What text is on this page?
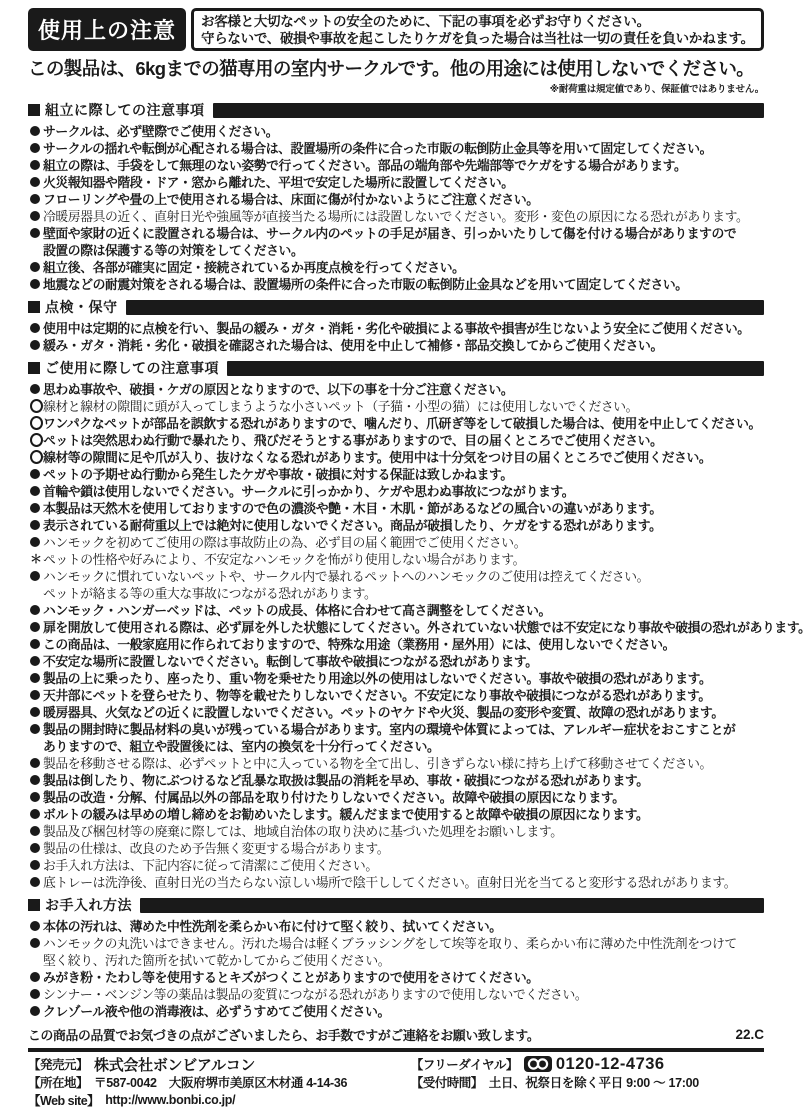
使用上の注意	お客様と大切なペットの安全のために、下記の事項を必ずお守りください。
守らないで、破損や事故を起こしたりケガを負った場合は当社は一切の責任を負いかねます。
この製品は、6kgまでの猫専用の室内サークルです。他の用途には使用しないでください。
※耐荷重は規定値であり、保証値ではありません。
組立に際しての注意事項
サークルは、必ず壁際でご使用ください。
サークルの揺れや転倒が心配される場合は、設置場所の条件に合った市販の転倒防止金具等を用いて固定してください。
組立の際は、手袋をして無理のない姿勢で行ってください。部品の端角部や先端部等でケガをする場合があります。
火災報知器や階段・ドア・窓から離れた、平坦で安定した場所に設置してください。
フローリングや畳の上で使用される場合は、床面に傷が付かないようにご注意ください。
冷暖房器具の近く、直射日光や強風等が直接当たる場所には設置しないでください。変形・変色の原因になる恐れがあります。
壁面や家財の近くに設置される場合は、サークル内のペットの手足が届き、引っかいたりして傷を付ける場合がありますので
設置の際は保護する等の対策をしてください。
組立後、各部が確実に固定・接続されているか再度点検を行ってください。
地震などの耐震対策をされる場合は、設置場所の条件に合った市販の転倒防止金具などを用いて固定してください。
点検・保守
使用中は定期的に点検を行い、製品の緩み・ガタ・消耗・劣化や破損による事故や損害が生じないよう安全にご使用ください。
緩み・ガタ・消耗・劣化・破損を確認された場合は、使用を中止して補修・部品交換してからご使用ください。
ご使用に際しての注意事項
思わぬ事故や、破損・ケガの原因となりますので、以下の事を十分ご注意ください。
線材と線材の隙間に頭が入ってしまうような小さいペット（子猫・小型の猫）には使用しないでください。
ワンパクなペットが部品を誤飲する恐れがありますので、噛んだり、爪研ぎ等をして破損した場合は、使用を中止してください。
ペットは突然思わぬ行動で暴れたり、飛びだそうとする事がありますので、目の届くところでご使用ください。
線材等の隙間に足や爪が入り、抜けなくなる恐れがあります。使用中は十分気をつけ目の届くところでご使用ください。
ペットの予期せぬ行動から発生したケガや事故・破損に対する保証は致しかねます。
首輪や鎖は使用しないでください。サークルに引っかかり、ケガや思わぬ事故につながります。
本製品は天然木を使用しておりますので色の濃淡や艶・木目・木肌・節があるなどの風合いの違いがあります。
表示されている耐荷重以上では絶対に使用しないでください。商品が破損したり、ケガをする恐れがあります。
ハンモックを初めてご使用の際は事故防止の為、必ず目の届く範囲でご使用ください。
＊ ペットの性格や好みにより、不安定なハンモックを怖がり使用しない場合があります。
ハンモックに慣れていないペットや、サークル内で暴れるペットへのハンモックのご使用は控えてください。
ペットが絡まる等の重大な事故につながる恐れがあります。
ハンモック・ハンガーベッドは、ペットの成長、体格に合わせて高さ調整をしてください。
扉を開放して使用される際は、必ず扉を外した状態にしてください。外されていない状態では不安定になり事故や破損の恐れがあります。
この商品は、一般家庭用に作られておりますので、特殊な用途（業務用・屋外用）には、使用しないでください。
不安定な場所に設置しないでください。転倒して事故や破損につながる恐れがあります。
製品の上に乗ったり、座ったり、重い物を乗せたり用途以外の使用はしないでください。事故や破損の恐れがあります。
天井部にペットを登らせたり、物等を載せたりしないでください。不安定になり事故や破損につながる恐れがあります。
暖房器具、火気などの近くに設置しないでください。ペットのヤケドや火災、製品の変形や変質、故障の恐れがあります。
製品の開封時に製品材料の臭いが残っている場合があります。室内の環境や体質によっては、アレルギー症状をおこすことが
ありますので、組立や設置後には、室内の換気を十分行ってください。
製品を移動させる際は、必ずペットと中に入っている物を全て出し、引きずらない様に持ち上げて移動させてください。
製品は倒したり、物にぶつけるなど乱暴な取扱は製品の消耗を早め、事故・破損につながる恐れがあります。
製品の改造・分解、付属品以外の部品を取り付けたりしないでください。故障や破損の原因になります。
ボルトの緩みは早めの増し締めをお勧めいたします。緩んだままで使用すると故障や破損の原因になります。
製品及び梱包材等の廃棄に際しては、地域自治体の取り決めに基づいた処理をお願いします。
製品の仕様は、改良のため予告無く変更する場合があります。
お手入れ方法は、下記内容に従って清潔にご使用ください。
底トレーは洗浄後、直射日光の当たらない涼しい場所で陰干ししてください。直射日光を当てると変形する恐れがあります。
お手入れ方法
本体の汚れは、薄めた中性洗剤を柔らかい布に付けて堅く絞り、拭いてください。
ハンモックの丸洗いはできません。汚れた場合は軽くブラッシングをして埃等を取り、柔らかい布に薄めた中性洗剤をつけて
堅く絞り、汚れた箇所を拭いて乾かしてからご使用ください。
みがき粉・たわし等を使用するとキズがつくことがありますので使用をさけてください。
シンナー・ベンジン等の薬品は製品の変質につながる恐れがありますので使用しないでください。
クレゾール液や他の消毒液は、必ずうすめてご使用ください。
この商品の品質でお気づきの点がございましたら、お手数ですがご連絡をお願い致します。	22.C
【発売元】 株式会社ボンビアルコン
【所在地】 〒587-0042　大阪府堺市美原区木材通 4-14-36
【Web site】 http://www.bonbi.co.jp/
【フリーダイヤル】 0120-12-4736
【受付時間】 土日、祝祭日を除く平日 9:00 ～ 17:00
